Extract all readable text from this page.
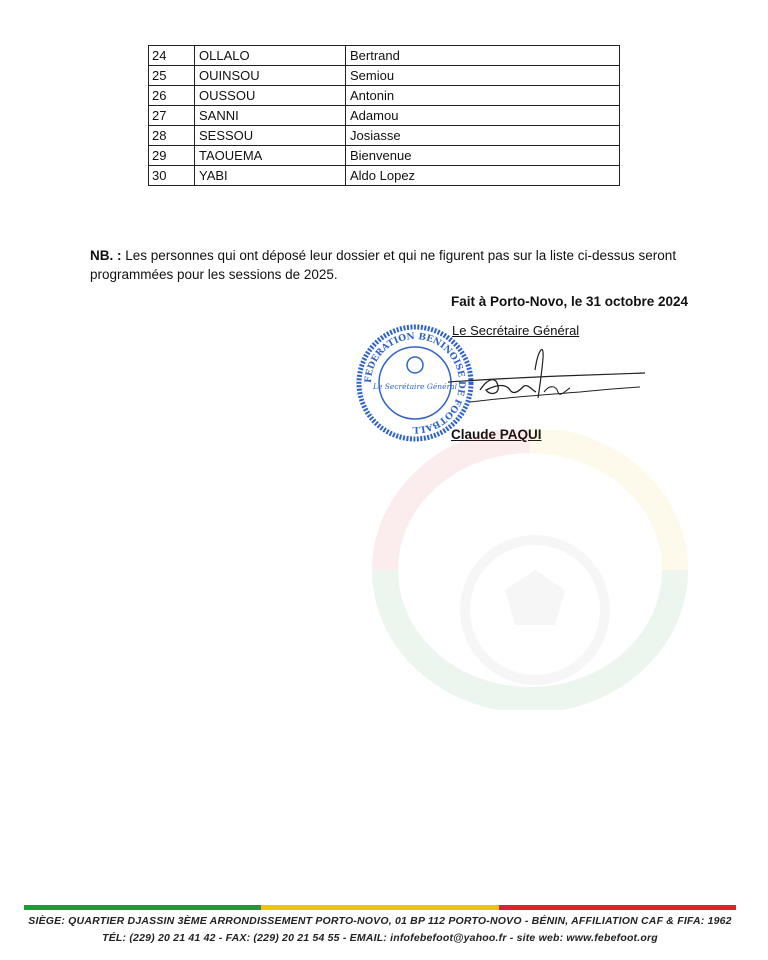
24	OLLALO	Bertrand
25	OUINSOU	Semiou
26	OUSSOU	Antonin
27	SANNI	Adamou
28	SESSOU	Josiasse
29	TAOUEMA	Bienvenue
30	YABI	Aldo Lopez
NB. : Les personnes qui ont déposé leur dossier et qui ne figurent pas sur la liste ci-dessus seront
programmées pour les sessions de 2025.
Fait à Porto-Novo, le 31 octobre 2024
Le Secrétaire Général
FEDERATION BENINOISE DE FOOTBALL
Le Secrétaire Général
Claude PAQUI
SIÈGE: QUARTIER DJASSIN 3ÈME ARRONDISSEMENT PORTO-NOVO, 01 BP 112 PORTO-NOVO - BÉNIN, AFFILIATION CAF & FIFA: 1962
TÉL: (229) 20 21 41 42 - FAX: (229) 20 21 54 55 - EMAIL: infofebefoot@yahoo.fr - site web: www.febefoot.org
